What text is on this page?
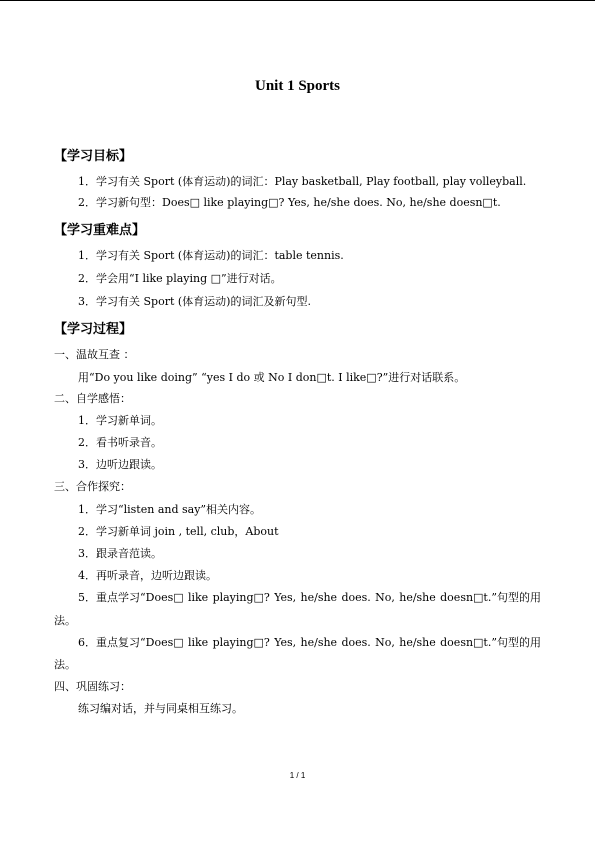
Unit 1 Sports
【学习目标】
1．学习有关 Sport (体育运动)的词汇：Play basketball, Play football, play volleyball.
2．学习新句型：Does□ like playing□? Yes, he/she does. No, he/she doesn□t.
【学习重难点】
1．学习有关 Sport (体育运动)的词汇：table tennis.
2．学会用“I like playing □”进行对话。
3．学习有关 Sport (体育运动)的词汇及新句型.
【学习过程】
一、温故互查 ：
用“Do you like doing” “yes I do 或 No I don□t. I like□?”进行对话联系。
二、自学感悟：
1．学习新单词。
2．看书听录音。
3．边听边跟读。
三、合作探究：
1．学习“listen and say”相关内容。
2．学习新单词 join , tell, club，About
3．跟录音范读。
4．再听录音，边听边跟读。
5．重点学习“Does□ like playing□? Yes, he/she does. No, he/she doesn□t.”句型的用
法。
6．重点复习“Does□ like playing□? Yes, he/she does. No, he/she doesn□t.”句型的用
法。
四、巩固练习：
练习编对话，并与同桌相互练习。
1 / 1
